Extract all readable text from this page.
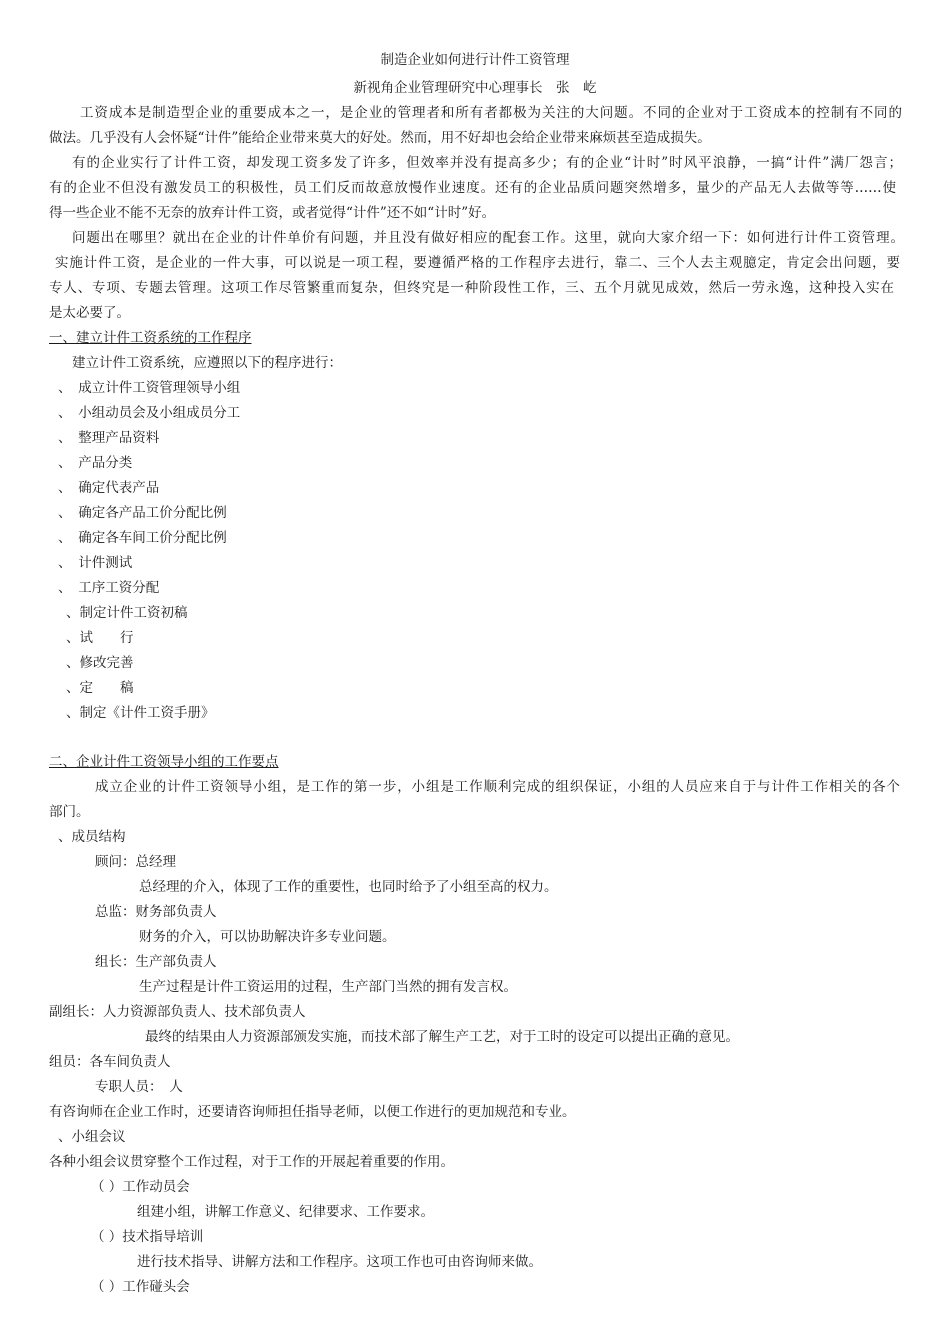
制造企业如何进行计件工资管理
新视角企业管理研究中心理事长　张　屹
工资成本是制造型企业的重要成本之一，是企业的管理者和所有者都极为关注的大问题。不同的企业对于工资成本的控制有不同的
做法。几乎没有人会怀疑“计件”能给企业带来莫大的好处。然而，用不好却也会给企业带来麻烦甚至造成损失。
有的企业实行了计件工资，却发现工资多发了许多，但效率并没有提高多少；有的企业“计时”时风平浪静，一搞“计件”满厂怨言；
有的企业不但没有激发员工的积极性，员工们反而故意放慢作业速度。还有的企业品质问题突然增多，量少的产品无人去做等等……使
得一些企业不能不无奈的放弃计件工资，或者觉得“计件”还不如“计时”好。
问题出在哪里？就出在企业的计件单价有问题，并且没有做好相应的配套工作。这里，就向大家介绍一下：如何进行计件工资管理。
实施计件工资，是企业的一件大事，可以说是一项工程，要遵循严格的工作程序去进行，靠二、三个人去主观臆定，肯定会出问题，要
专人、专项、专题去管理。这项工作尽管繁重而复杂，但终究是一种阶段性工作，三、五个月就见成效，然后一劳永逸，这种投入实在
是太必要了。
一、建立计件工资系统的工作程序
建立计件工资系统，应遵照以下的程序进行：
、　成立计件工资管理领导小组
、　小组动员会及小组成员分工
、　整理产品资料
、　产品分类
、　确定代表产品
、　确定各产品工价分配比例
、　确定各车间工价分配比例
、　计件测试
、　工序工资分配
、制定计件工资初稿
、试　　行
、修改完善
、定　　稿
、制定《计件工资手册》
二、企业计件工资领导小组的工作要点
成立企业的计件工资领导小组，是工作的第一步，小组是工作顺利完成的组织保证，小组的人员应来自于与计件工作相关的各个
部门。
、成员结构
顾问：总经理
总经理的介入，体现了工作的重要性，也同时给予了小组至高的权力。
总监：财务部负责人
财务的介入，可以协助解决许多专业问题。
组长：生产部负责人
生产过程是计件工资运用的过程，生产部门当然的拥有发言权。
副组长：人力资源部负责人、技术部负责人
最终的结果由人力资源部颁发实施，而技术部了解生产工艺，对于工时的设定可以提出正确的意见。
组员：各车间负责人
专职人员：　人
有咨询师在企业工作时，还要请咨询师担任指导老师，以便工作进行的更加规范和专业。
、小组会议
各种小组会议贯穿整个工作过程，对于工作的开展起着重要的作用。
（ ）工作动员会
组建小组，讲解工作意义、纪律要求、工作要求。
（ ）技术指导培训
进行技术指导、讲解方法和工作程序。这项工作也可由咨询师来做。
（ ）工作碰头会
